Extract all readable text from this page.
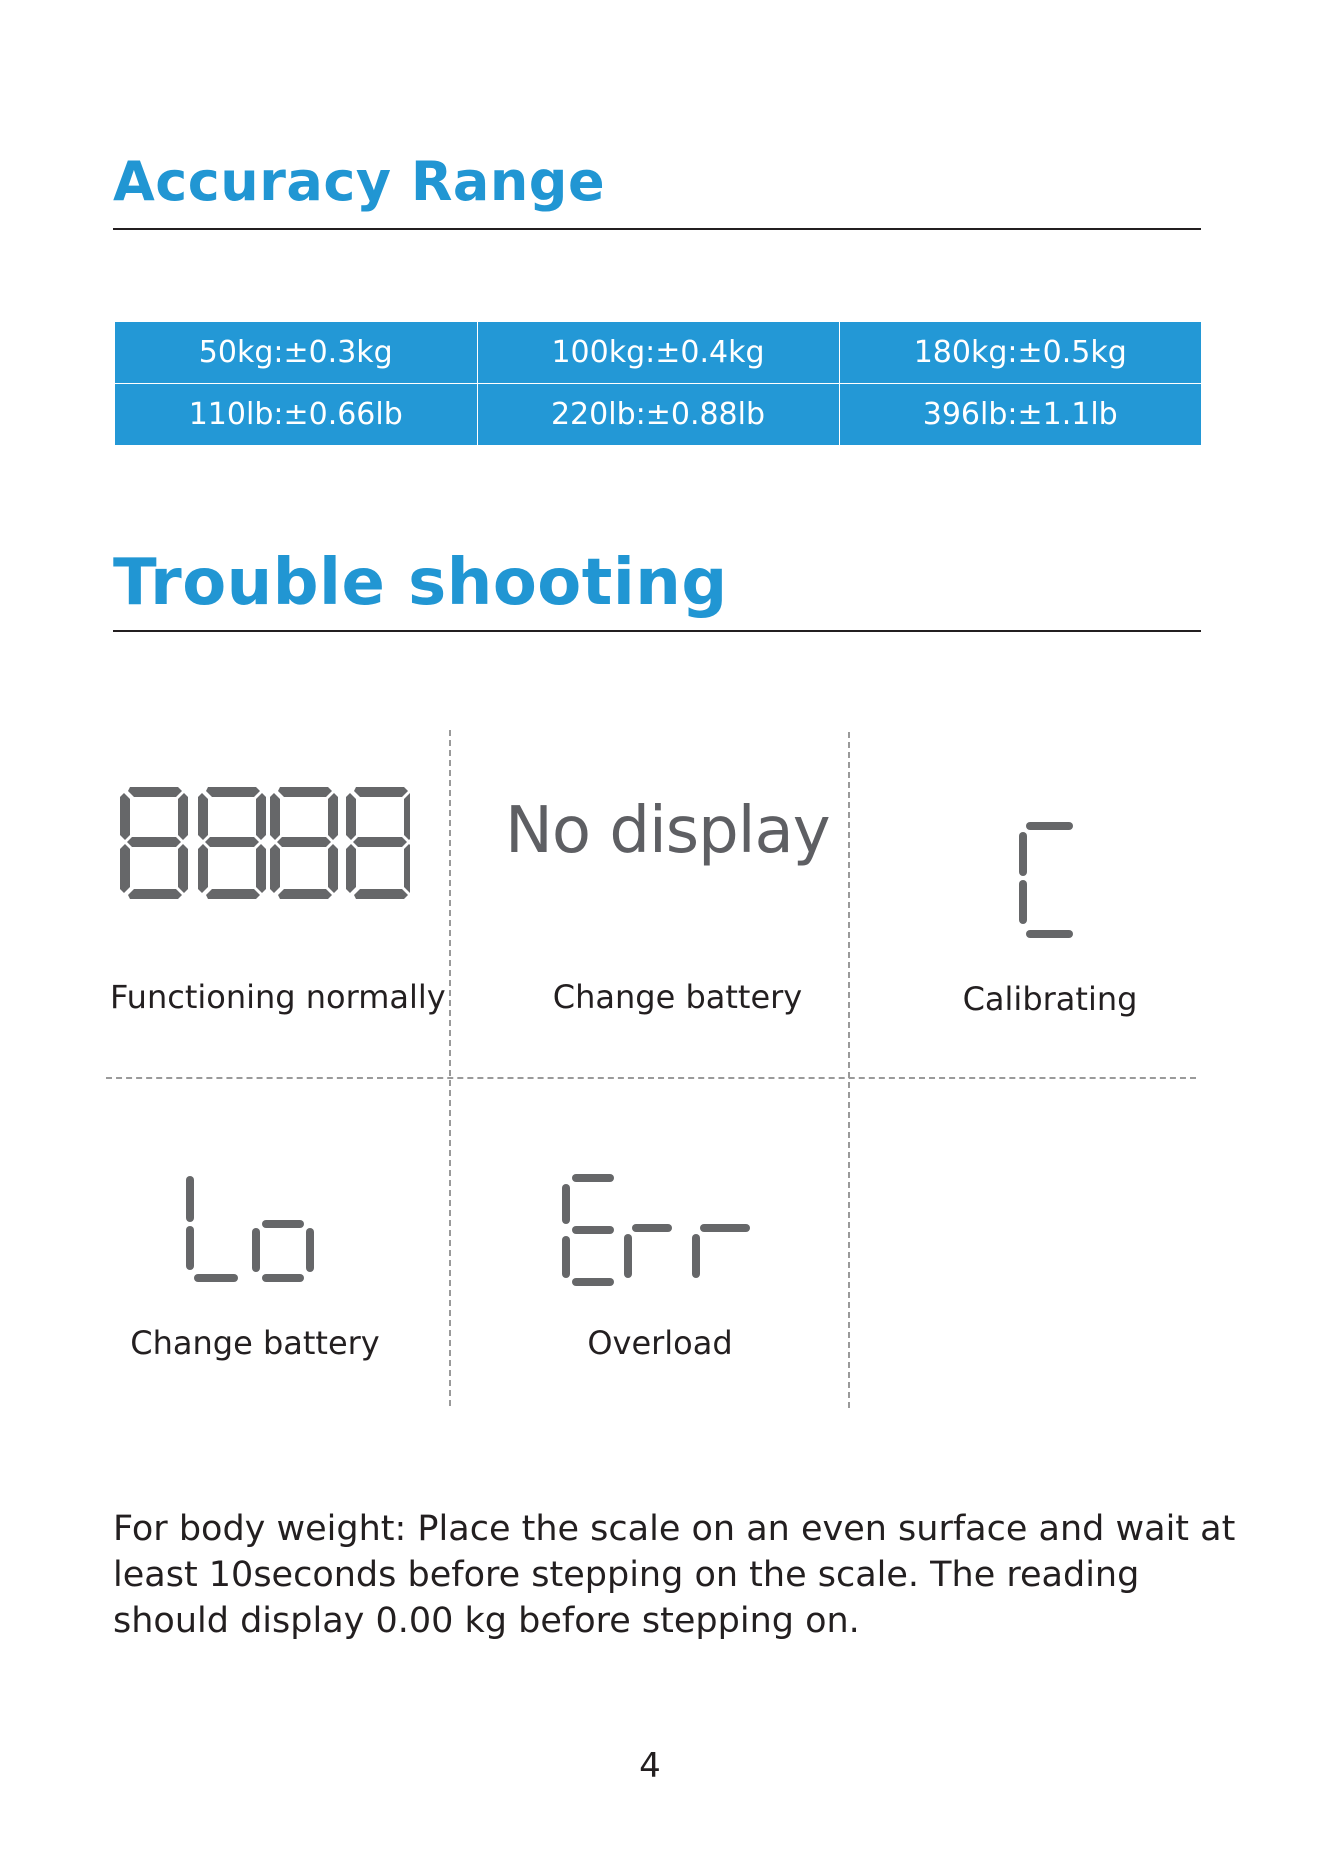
Accuracy Range
50kg:±0.3kg	100kg:±0.4kg	180kg:±0.5kg
110lb:±0.66lb	220lb:±0.88lb	396lb:±1.1lb
Trouble shooting
Functioning normally
No display
Change battery	Calibrating
Change battery	Overload

For body weight: Place the scale on an even surface and wait at least 10seconds before stepping on the scale. The reading should display 0.00 kg before stepping on.

4
